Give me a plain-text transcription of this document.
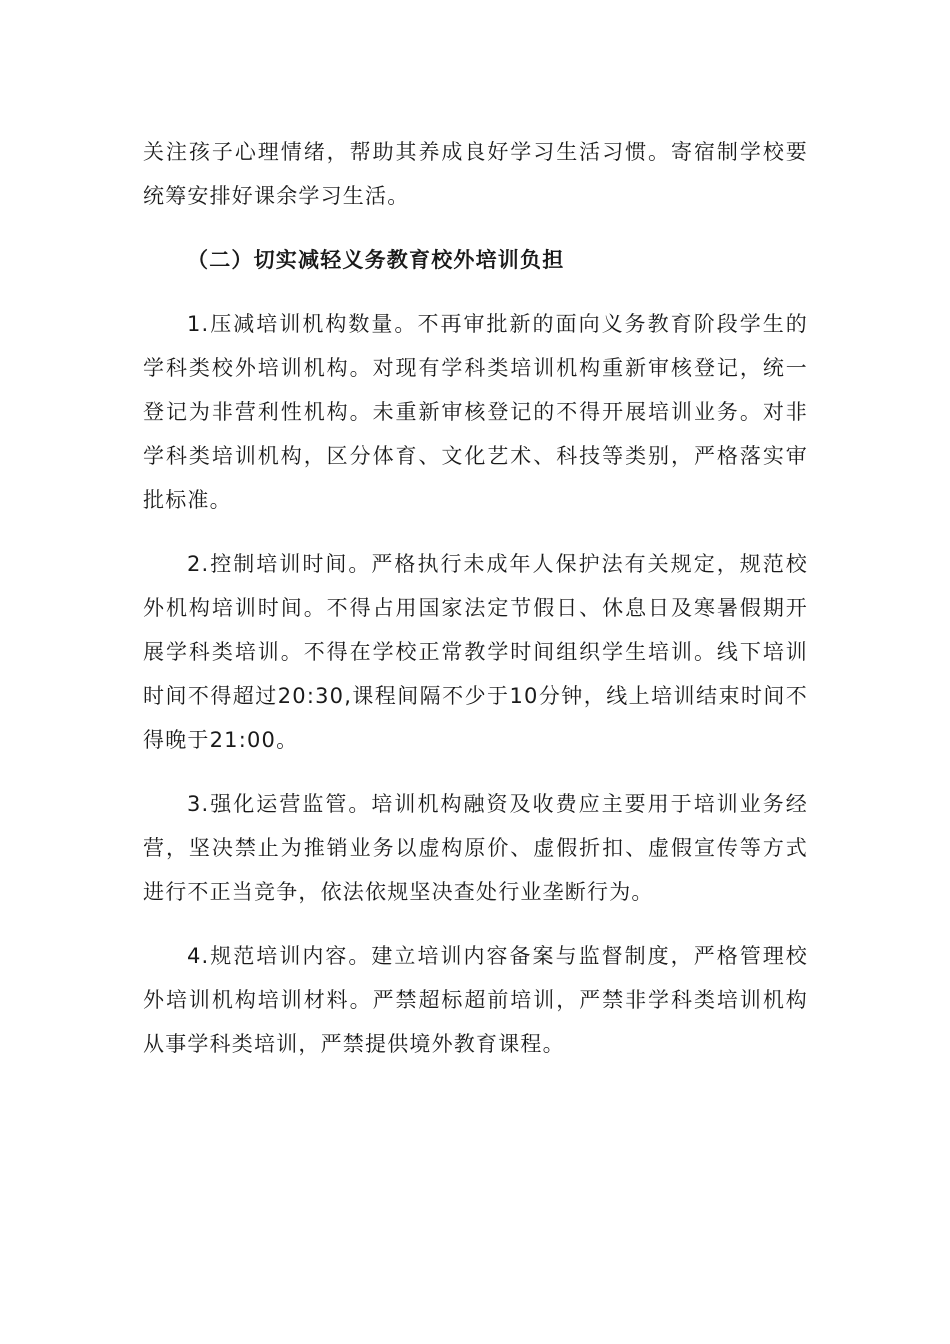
关注孩子心理情绪，帮助其养成良好学习生活习惯。寄宿制学校要统筹安排好课余学习生活。

（二）切实减轻义务教育校外培训负担

1.压减培训机构数量。不再审批新的面向义务教育阶段学生的学科类校外培训机构。对现有学科类培训机构重新审核登记，统一登记为非营利性机构。未重新审核登记的不得开展培训业务。对非学科类培训机构，区分体育、文化艺术、科技等类别，严格落实审批标准。

2.控制培训时间。严格执行未成年人保护法有关规定，规范校外机构培训时间。不得占用国家法定节假日、休息日及寒暑假期开展学科类培训。不得在学校正常教学时间组织学生培训。线下培训时间不得超过20:30,课程间隔不少于10分钟，线上培训结束时间不得晚于21:00。

3.强化运营监管。培训机构融资及收费应主要用于培训业务经营，坚决禁止为推销业务以虚构原价、虚假折扣、虚假宣传等方式进行不正当竞争，依法依规坚决查处行业垄断行为。

4.规范培训内容。建立培训内容备案与监督制度，严格管理校外培训机构培训材料。严禁超标超前培训，严禁非学科类培训机构从事学科类培训，严禁提供境外教育课程。
